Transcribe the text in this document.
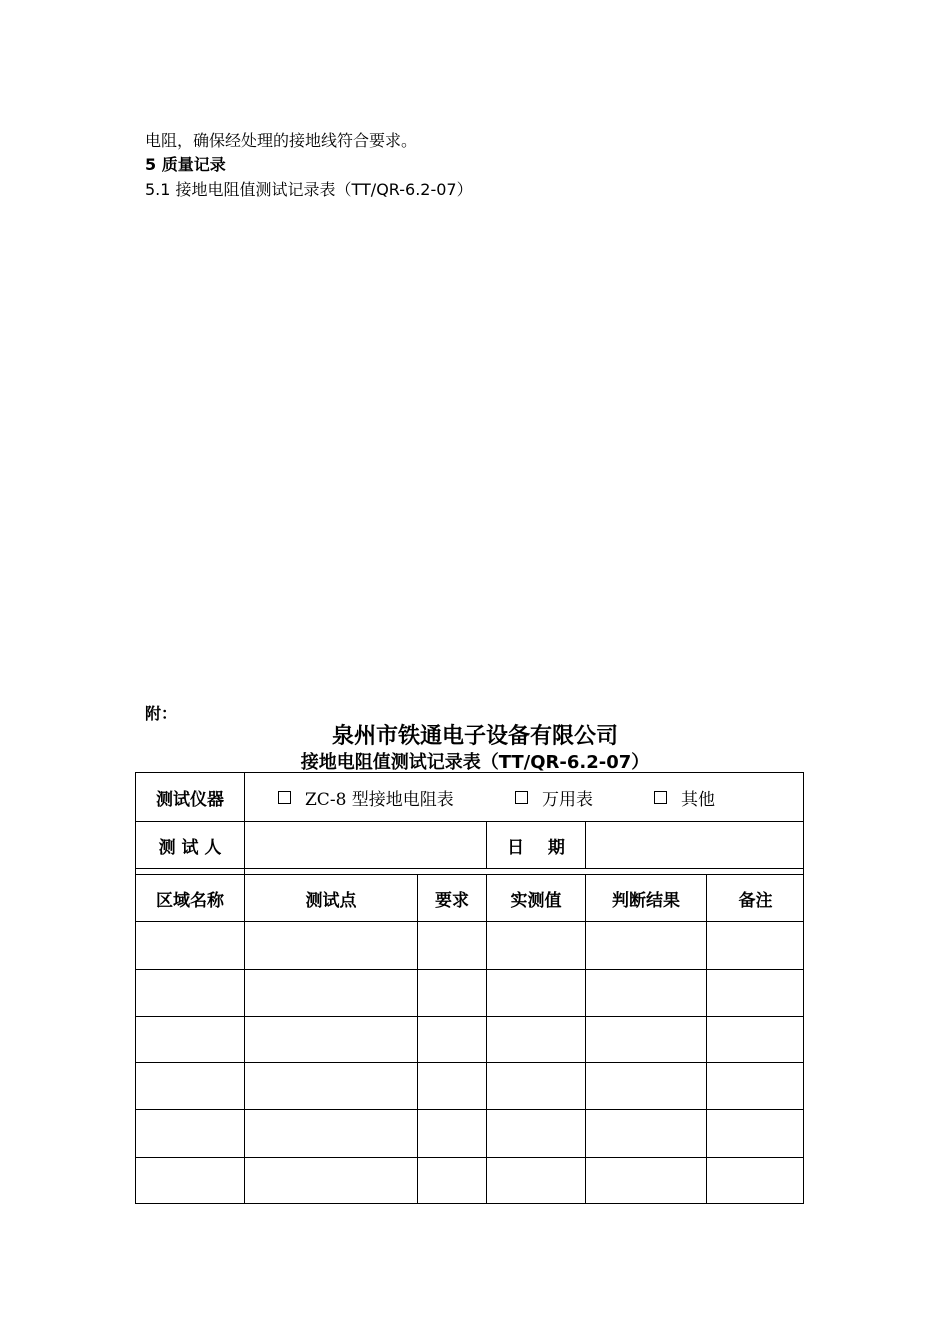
电阻，确保经处理的接地线符合要求。
5 质量记录
5.1 接地电阻值测试记录表（TT/QR-6.2-07）
附：
泉州市铁通电子设备有限公司
接地电阻值测试记录表（TT/QR-6.2-07）
测试仪器	ZC-8 型接地电阻表	万用表	其他
测 试 人	日    期
区域名称	测试点	要求	实测值	判断结果	备注
